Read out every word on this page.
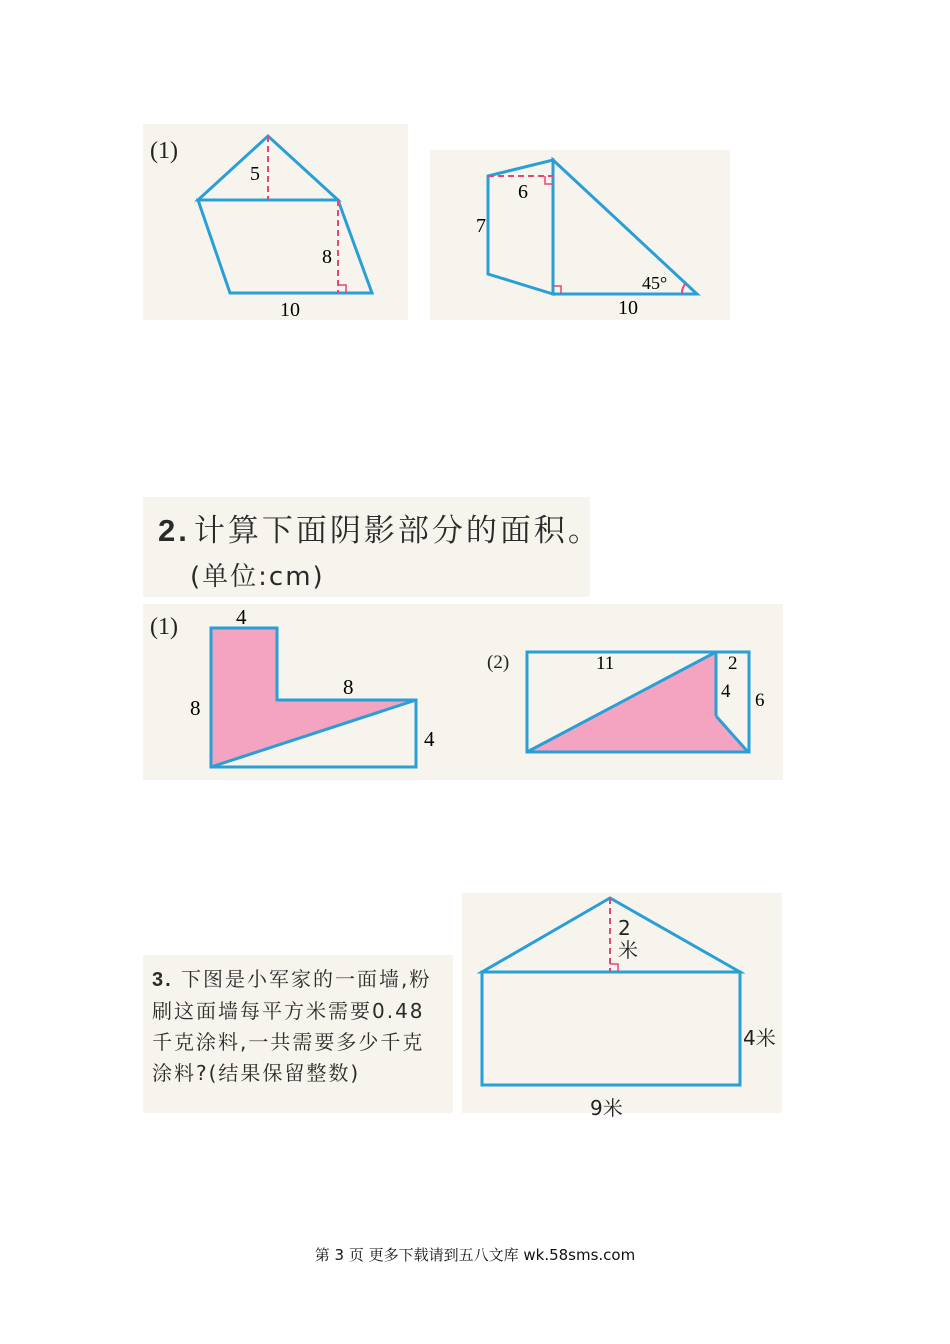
(1)
5
8
10
6
7
45°
10
4
8
8
4
11	2
4 6
2. 计算下面阴影部分的面积。
(单位:cm)
(1)
(2)
3. 下图是小军家的一面墙,粉刷这面墙每平方米需要0.48千克涂料,一共需要多少千克涂料?(结果保留整数)
2米
4米
9米
第 3 页 更多下载请到五八文库 wk.58sms.com
